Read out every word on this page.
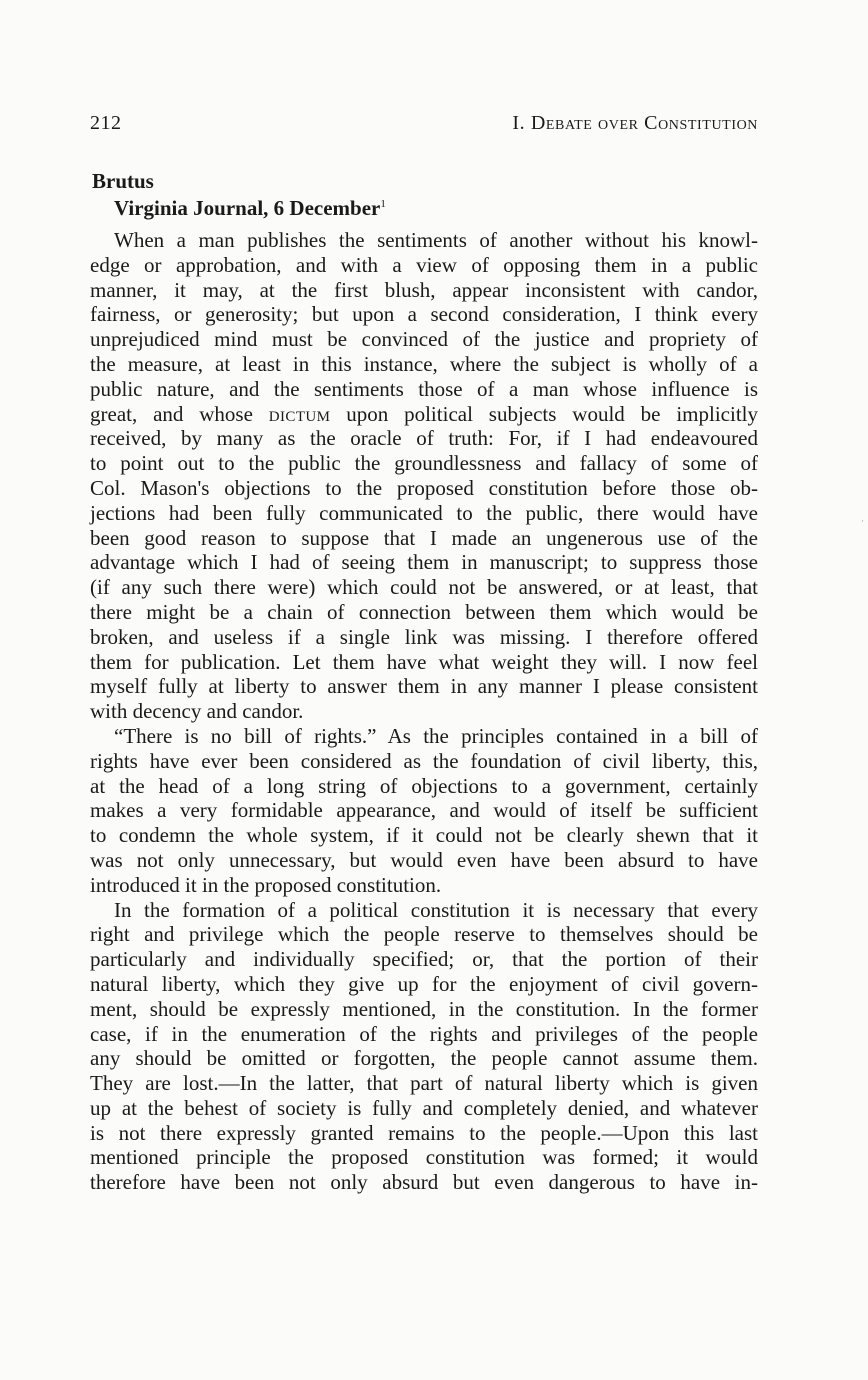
212	I. Debate over Constitution
Brutus
Virginia Journal, 6 December$^1$

When a man publishes the sentiments of another without his knowl-
edge or approbation, and with a view of opposing them in a public
manner, it may, at the first blush, appear inconsistent with candor,
fairness, or generosity; but upon a second consideration, I think every
unprejudiced mind must be convinced of the justice and propriety of
the measure, at least in this instance, where the subject is wholly of a
public nature, and the sentiments those of a man whose influence is
great, and whose dictum upon political subjects would be implicitly
received, by many as the oracle of truth: For, if I had endeavoured
to point out to the public the groundlessness and fallacy of some of
Col. Mason's objections to the proposed constitution before those ob-
jections had been fully communicated to the public, there would have
been good reason to suppose that I made an ungenerous use of the
advantage which I had of seeing them in manuscript; to suppress those
(if any such there were) which could not be answered, or at least, that
there might be a chain of connection between them which would be
broken, and useless if a single link was missing. I therefore offered
them for publication. Let them have what weight they will. I now feel
myself fully at liberty to answer them in any manner I please consistent
with decency and candor.

“There is no bill of rights.” As the principles contained in a bill of
rights have ever been considered as the foundation of civil liberty, this,
at the head of a long string of objections to a government, certainly
makes a very formidable appearance, and would of itself be sufficient
to condemn the whole system, if it could not be clearly shewn that it
was not only unnecessary, but would even have been absurd to have
introduced it in the proposed constitution.

In the formation of a political constitution it is necessary that every
right and privilege which the people reserve to themselves should be
particularly and individually specified; or, that the portion of their
natural liberty, which they give up for the enjoyment of civil govern-
ment, should be expressly mentioned, in the constitution. In the former
case, if in the enumeration of the rights and privileges of the people
any should be omitted or forgotten, the people cannot assume them.
They are lost.—In the latter, that part of natural liberty which is given
up at the behest of society is fully and completely denied, and whatever
is not there expressly granted remains to the people.—Upon this last
mentioned principle the proposed constitution was formed; it would
therefore have been not only absurd but even dangerous to have in-

·
